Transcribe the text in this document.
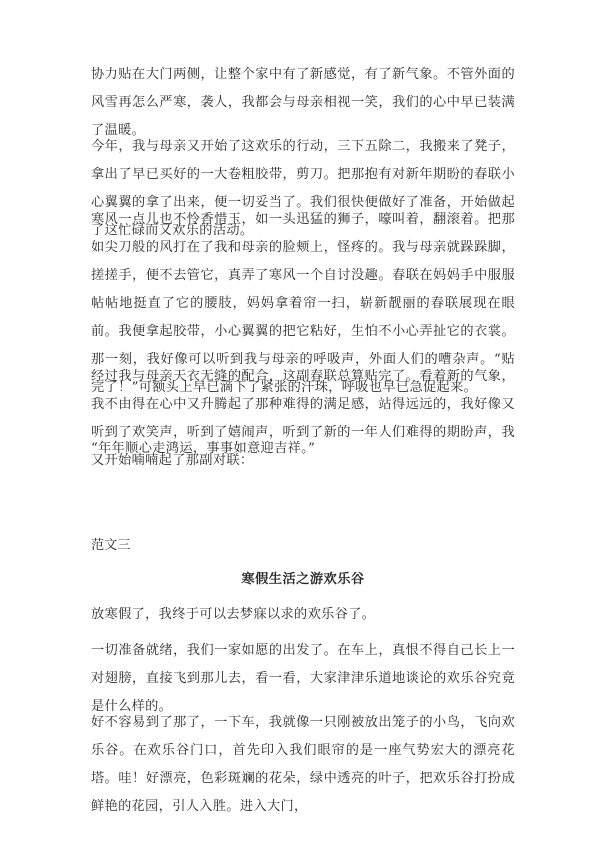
协力贴在大门两侧，让整个家中有了新感觉，有了新气象。不管外面的风雪再怎么严寒，袭人，我都会与母亲相视一笑，我们的心中早已装满了温暖。

今年，我与母亲又开始了这欢乐的行动，三下五除二，我搬来了凳子，拿出了早已买好的一大卷粗胶带，剪刀。把那抱有对新年期盼的春联小心翼翼的拿了出来，便一切妥当了。我们很快便做好了准备，开始做起了这忙碌而又欢乐的活动。

寒风一点儿也不怜香惜玉，如一头迅猛的狮子，嚎叫着，翻滚着。把那如尖刀般的风打在了我和母亲的脸颊上，怪疼的。我与母亲就跺跺脚，搓搓手，便不去管它，真弄了寒风一个自讨没趣。春联在妈妈手中服服帖帖地挺直了它的腰肢，妈妈拿着帘一扫，崭新靓丽的春联展现在眼前。我便拿起胶带，小心翼翼的把它粘好，生怕不小心弄扯它的衣裳。那一刻，我好像可以听到我与母亲的呼吸声，外面人们的嘈杂声。“贴完了！”可额头上早已滴下了紧张的汗珠，呼吸也早已急促起来。

经过我与母亲天衣无缝的配合，这副春联总算贴完了。看着新的气象，我不由得在心中又升腾起了那种难得的满足感，站得远远的，我好像又听到了欢笑声，听到了嬉闹声，听到了新的一年人们难得的期盼声，我又开始喃喃起了那副对联：

“年年顺心走鸿运，事事如意迎吉祥。”

范文三

寒假生活之游欢乐谷

放寒假了，我终于可以去梦寐以求的欢乐谷了。

一切准备就绪，我们一家如愿的出发了。在车上，真恨不得自己长上一对翅膀，直接飞到那儿去，看一看，大家津津乐道地谈论的欢乐谷究竟是什么样的。

好不容易到了那了，一下车，我就像一只刚被放出笼子的小鸟，飞向欢乐谷。在欢乐谷门口，首先印入我们眼帘的是一座气势宏大的漂亮花塔。哇！好漂亮，色彩斑斓的花朵，绿中透亮的叶子，把欢乐谷打扮成鲜艳的花园，引人入胜。进入大门，
